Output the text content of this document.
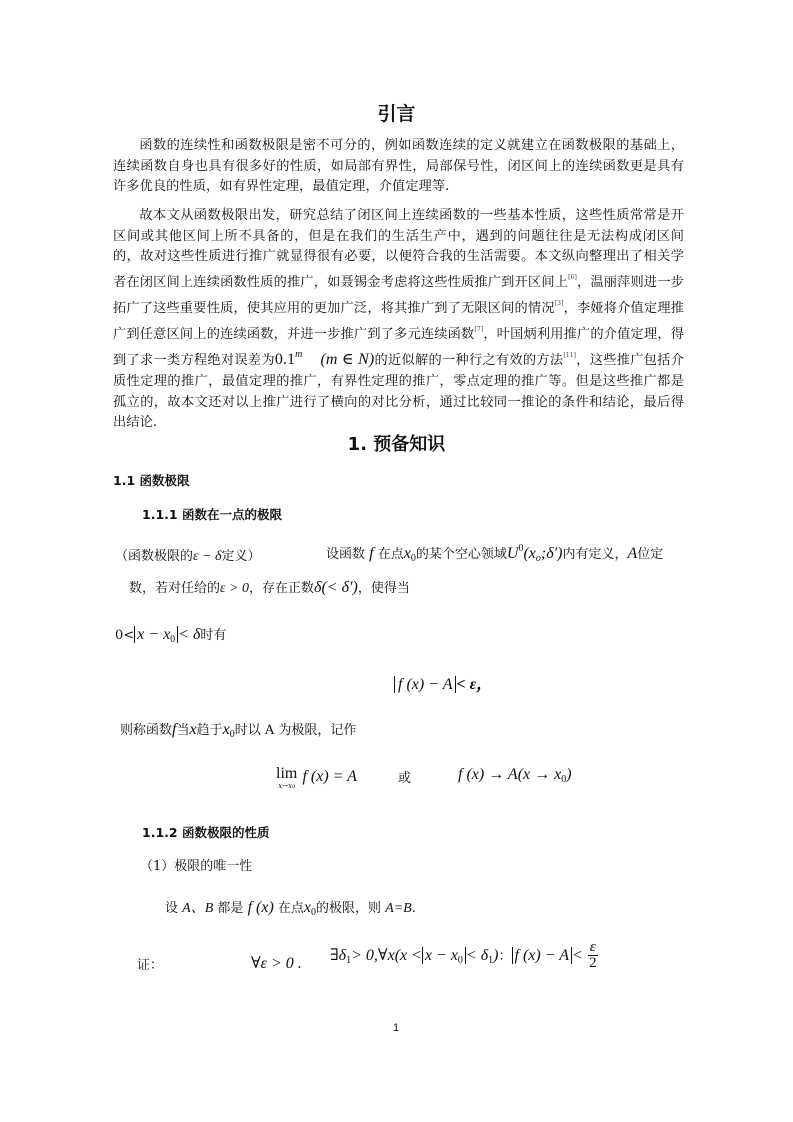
引言
函数的连续性和函数极限是密不可分的，例如函数连续的定义就建立在函数极限的基础上，连续函数自身也具有很多好的性质，如局部有界性，局部保号性，闭区间上的连续函数更是具有许多优良的性质，如有界性定理，最值定理，介值定理等.
故本文从函数极限出发，研究总结了闭区间上连续函数的一些基本性质，这些性质常常是开区间或其他区间上所不具备的，但是在我们的生活生产中，遇到的问题往往是无法构成闭区间的，故对这些性质进行推广就显得很有必要，以便符合我的生活需要。本文纵向整理出了相关学者在闭区间上连续函数性质的推广，如聂锡金考虑将这些性质推广到开区间上[6]，温丽萍则进一步拓广了这些重要性质，使其应用的更加广泛，将其推广到了无限区间的情况[3]，李娅将介值定理推广到任意区间上的连续函数，并进一步推广到了多元连续函数[7]，叶国炳利用推广的介值定理，得到了求一类方程绝对误差为0.1$^m$ (m ∈ N)的近似解的一种行之有效的方法[11]，这些推广包括介质性定理的推广，最值定理的推广，有界性定理的推广，零点定理的推广等。但是这些推广都是孤立的，故本文还对以上推广进行了横向的对比分析，通过比较同一推论的条件和结论，最后得出结论.
1. 预备知识
1.1 函数极限
1.1.1 函数在一点的极限
（函数极限的ε − δ定义）	设函数 f 在点$x_0$的某个空心领域$U^0(x_o;\delta')$内有定义，A位定
数，若对任给的ε > 0，存在正数δ(< δ′)，使得当
$0< x - x_0 < \delta$时有
f (x) − A < ε，
则称函数f当x趋于$x_0$时以 A 为极限，记作
lim
x→x0
f (x) = A	或	f $(x) \to A(x \to x_0)$
1.1.2 函数极限的性质
（1）极限的唯一性
设 A、B 都是 f (x) 在点$x_0$的极限，则 A=B.
证：	∀ε > 0 . $\exists\delta_1>$ 0,∀x(x < $x - x_0 < \delta_1$)： f $(x) - A < \frac{\varepsilon}{2}$
1
